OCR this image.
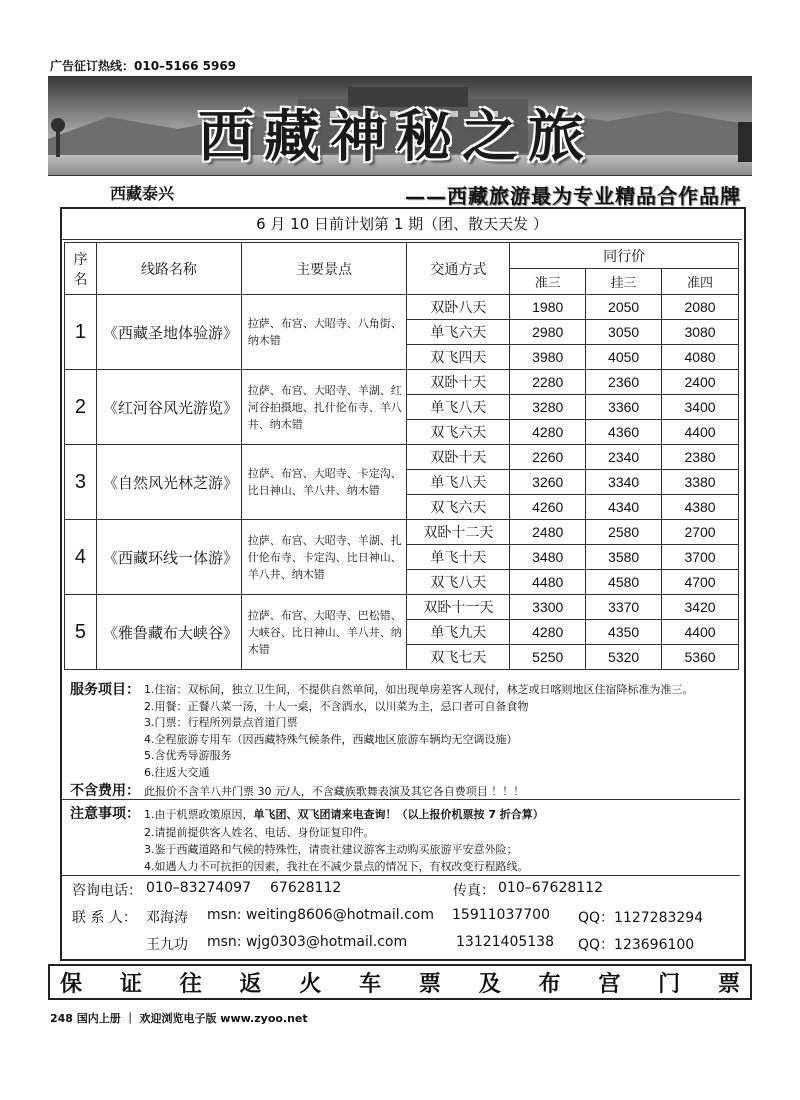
广告征订热线：010–5166 5969
西藏神秘之旅
西藏泰兴	——西藏旅游最为专业精品合作品牌
6 月 10 日前计划第 1 期（团、散天天发 ）
序
名	线路名称	主要景点	交通方式	同行价		
				准三	挂三	准四
1	《西藏圣地体验游》	拉萨、布宫、大昭寺、八角街、纳木错	双卧八天	1980	2050	2080
			单飞六天	2980	3050	3080
			双飞四天	3980	4050	4080
2	《红河谷风光游览》	拉萨、布宫、大昭寺、羊湖、红河谷拍摄地、扎什伦布寺、羊八井、纳木错	双卧十天	2280	2360	2400
			单飞八天	3280	3360	3400
			双飞六天	4280	4360	4400
3	《自然风光林芝游》	拉萨、布宫、大昭寺、卡定沟、比日神山、羊八井、纳木错	双卧十天	2260	2340	2380
			单飞八天	3260	3340	3380
			双飞六天	4260	4340	4380
4	《西藏环线一体游》	拉萨、布宫、大昭寺、羊湖、扎什伦布寺、卡定沟、比日神山、羊八井、纳木错	双卧十二天	2480	2580	2700
			单飞十天	3480	3580	3700
			双飞八天	4480	4580	4700
5	《雅鲁藏布大峡谷》	拉萨、布宫、大昭寺、巴松错、大峡谷、比日神山、羊八井、纳木错	双卧十一天	3300	3370	3420
			单飞九天	4280	4350	4400
			双飞七天	5250	5320	5360
服务项目： 1.住宿：双标间，独立卫生间，不提供自然单间，如出现单房差客人现付，林芝或日喀则地区住宿降标准为准三。
2.用餐：正餐八菜一汤，十人一桌，不含酒水，以川菜为主，忌口者可自备食物
3.门票：行程所列景点首道门票
4.全程旅游专用车（因西藏特殊气候条件，西藏地区旅游车辆均无空调设施）
5.含优秀导游服务
6.往返大交通
不含费用： 此报价不含羊八井门票 30 元/人，不含藏族歌舞表演及其它各自费项目 ！！！
注意事项： 1.由于机票政策原因，单飞团、双飞团请来电查询！（以上报价机票按 7 折合算）
2.请提前提供客人姓名、电话、身份证复印件。
3.鉴于西藏道路和气候的特殊性，请贵社建议游客主动购买旅游平安意外险；
4.如遇人力不可抗拒的因素，我社在不减少景点的情况下，有权改变行程路线。
咨询电话： 010–83274097 67628112	传真： 010–67628112
联 系 人： 邓海涛 msn: weiting8606@hotmail.com 15911037700 QQ：1127283294
王九功 msn: wjg0303@hotmail.com	13121405138 QQ：123696100
保 证 往 返 火 车 票 及 布 宫 门 票
248 国内上册 ｜ 欢迎浏览电子版 www.zyoo.net
